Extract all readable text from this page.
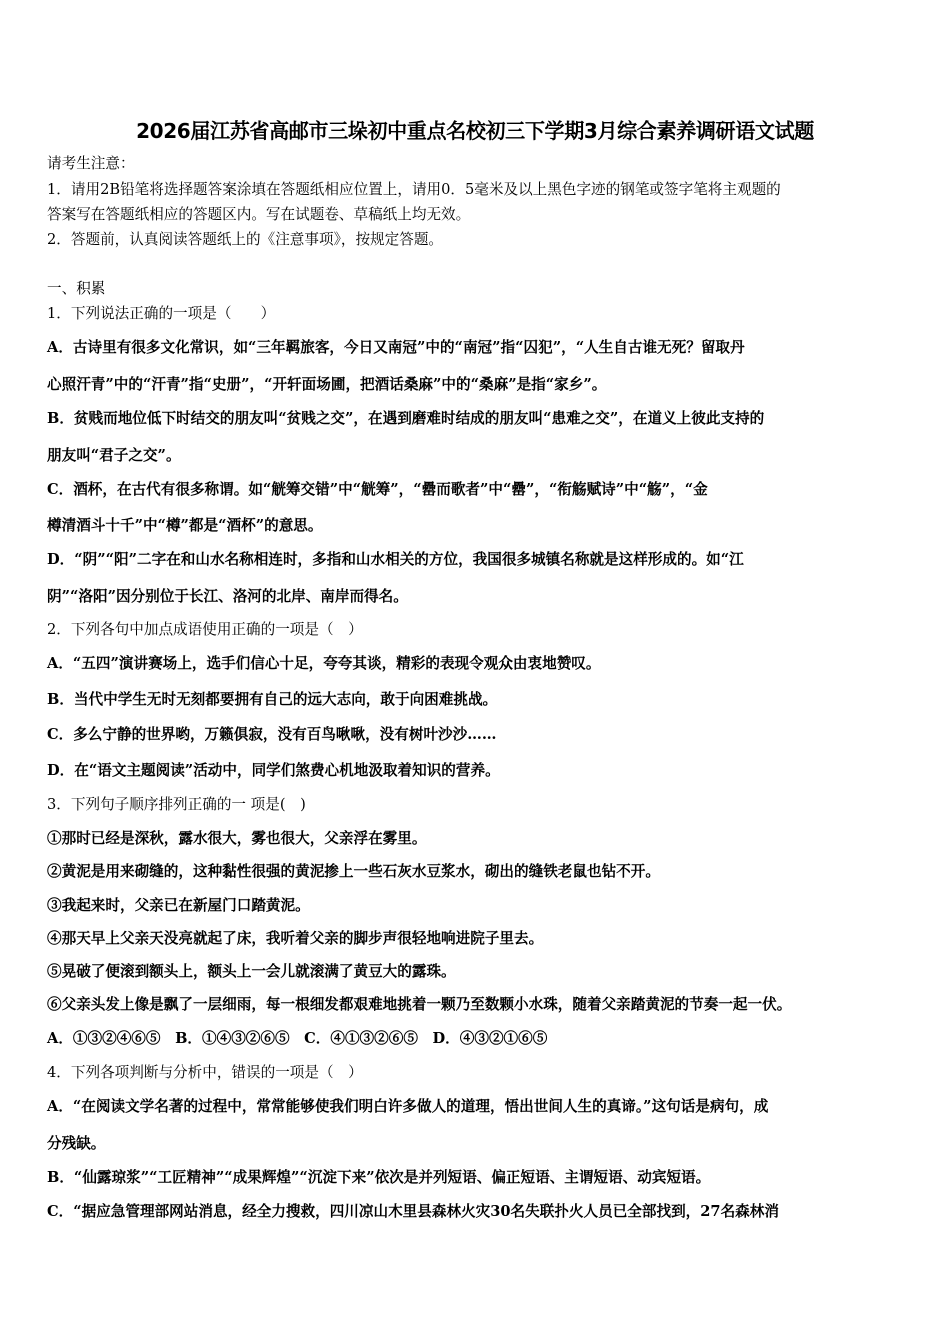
2026届江苏省高邮市三垛初中重点名校初三下学期3月综合素养调研语文试题
请考生注意：
1．请用2B铅笔将选择题答案涂填在答题纸相应位置上，请用0．5毫米及以上黑色字迹的钢笔或签字笔将主观题的
答案写在答题纸相应的答题区内。写在试题卷、草稿纸上均无效。
2．答题前，认真阅读答题纸上的《注意事项》，按规定答题。
一、积累
1．下列说法正确的一项是（　　）
A．古诗里有很多文化常识，如“三年羁旅客，今日又南冠”中的“南冠”指“囚犯”，“人生自古谁无死？留取丹
心照汗青”中的“汗青”指“史册”，“开轩面场圃，把酒话桑麻”中的“桑麻”是指“家乡”。
B．贫贱而地位低下时结交的朋友叫“贫贱之交”，在遇到磨难时结成的朋友叫“患难之交”，在道义上彼此支持的
朋友叫“君子之交”。
C．酒杯，在古代有很多称谓。如“觥筹交错”中“觥筹”，“罍而歌者”中“罍”，“衔觞赋诗”中“觞”，“金
樽清酒斗十千”中“樽”都是“酒杯”的意思。
D．“阴”“阳”二字在和山水名称相连时，多指和山水相关的方位，我国很多城镇名称就是这样形成的。如“江
阴”“洛阳”因分别位于长江、洛河的北岸、南岸而得名。
2．下列各句中加点成语使用正确的一项是（　）
A．“五四”演讲赛场上，选手们信心十足，夸夸其谈，精彩的表现令观众由衷地赞叹。
B．当代中学生无时无刻都要拥有自己的远大志向，敢于向困难挑战。
C．多么宁静的世界哟，万籁俱寂，没有百鸟啾啾，没有树叶沙沙……
D．在“语文主题阅读”活动中，同学们煞费心机地汲取着知识的营养。
3．下列句子顺序排列正确的一 项是(　)
①那时已经是深秋，露水很大，雾也很大，父亲浮在雾里。
②黄泥是用来砌缝的，这种黏性很强的黄泥掺上一些石灰水豆浆水，砌出的缝铁老鼠也钻不开。
③我起来时，父亲已在新屋门口踏黄泥。
④那天早上父亲天没亮就起了床，我听着父亲的脚步声很轻地响进院子里去。
⑤晃破了便滚到额头上，额头上一会儿就滚满了黄豆大的露珠。
⑥父亲头发上像是飘了一层细雨，每一根细发都艰难地挑着一颗乃至数颗小水珠，随着父亲踏黄泥的节奏一起一伏。
A．①③②④⑥⑤　B．①④③②⑥⑤　C．④①③②⑥⑤　D．④③②①⑥⑤
4．下列各项判断与分析中，错误的一项是（　）
A．“在阅读文学名著的过程中，常常能够使我们明白许多做人的道理，悟出世间人生的真谛。”这句话是病句，成
分残缺。
B．“仙露琼浆”“工匠精神”“成果辉煌”“沉淀下来”依次是并列短语、偏正短语、主谓短语、动宾短语。
C．“据应急管理部网站消息，经全力搜救，四川凉山木里县森林火灾30名失联扑火人员已全部找到，27名森林消
